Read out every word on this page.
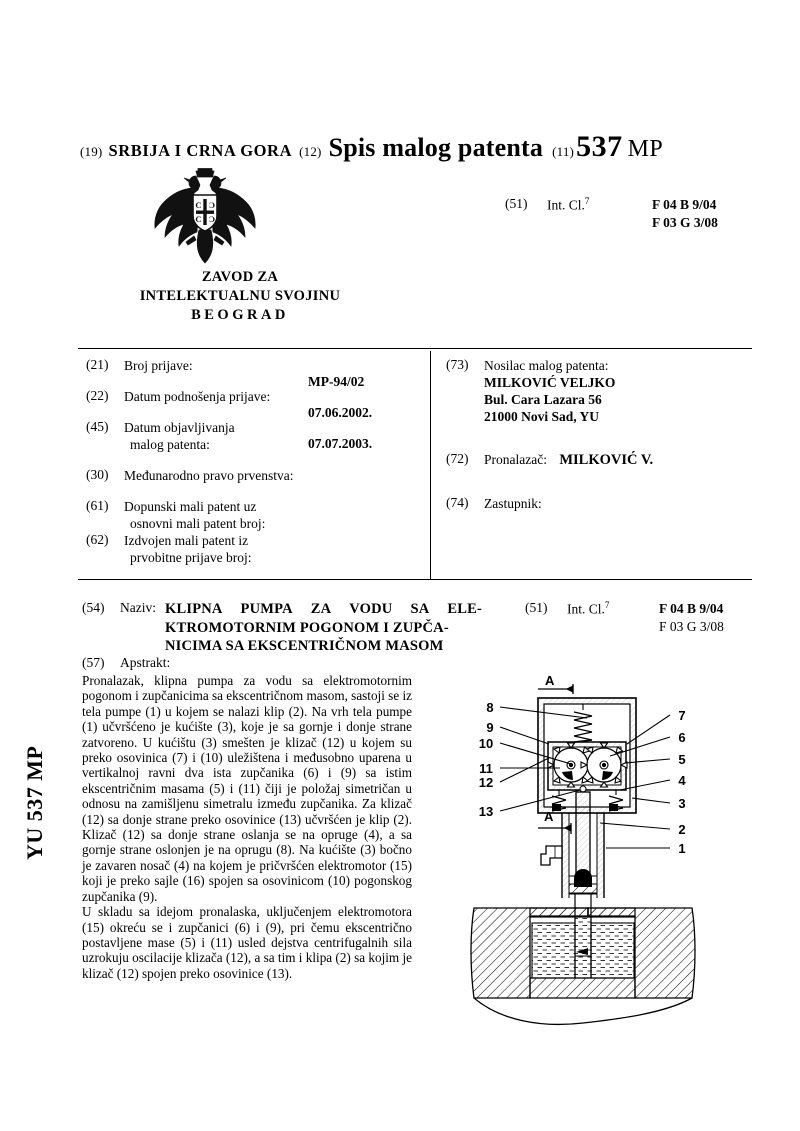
(19) SRBIJA I CRNA GORA (12) Spis malog patenta (11) 537 MP
C Ɔ
C Ɔ
ZAVOD ZA
INTELEKTUALNU SVOJINU
BEOGRAD
(51)	Int. Cl.$^7$	F 04 B 9/04
F 03 G 3/08
(21)	Broj prijave:
MP-94/02
(22)	Datum podnošenja prijave:
07.06.2002.
(45)	Datum objavljivanja
malog patenta:	07.07.2003.
(30)	Međunarodno pravo prvenstva:
(61)	Dopunski mali patent uz
osnovni mali patent broj:
(62)	Izdvojen mali patent iz
prvobitne prijave broj:
(73)	Nosilac malog patenta:
MILKOVIĆ VELJKO
Bul. Cara Lazara 56
21000 Novi Sad, YU
(72)	Pronalazač: MILKOVIĆ V.
(74)	Zastupnik:
(54) Naziv: KLIPNA PUMPA ZA VODU SA ELE-
KTROMOTORNIM POGONOM I ZUPČA-
NICIMA SA EKSCENTRIČNOM MASOM
(51)	Int. Cl.$^7$	F 04 B 9/04
F 03 G 3/08
(57) Apstrakt:

Pronalazak, klipna pumpa za vodu sa elektromotornim pogonom i zupčanicima sa ekscentričnom masom, sastoji se iz tela pumpe (1) u kojem se nalazi klip (2). Na vrh tela pumpe (1) učvršćeno je kućište (3), koje je sa gornje i donje strane zatvoreno. U kućištu (3) smešten je klizač (12) u kojem su preko osovinica (7) i (10) uležištena i međusobno uparena u vertikalnoj ravni dva ista zupčanika (6) i (9) sa istim ekscentričnim masama (5) i (11) čiji je položaj simetričan u odnosu na zamišljenu simetralu između zupčanika. Za klizač (12) sa donje strane preko osovinice (13) učvršćen je klip (2). Klizač (12) sa donje strane oslanja se na opruge (4), a sa gornje strane oslonjen je na oprugu (8). Na kućište (3) bočno je zavaren nosač (4) na kojem je pričvršćen elektromotor (15) koji je preko sajle (16) spojen sa osovinicom (10) pogonskog zupčanika (9).

U skladu sa idejom pronalaska, uključenjem elektromotora (15) okreću se i zupčanici (6) i (9), pri čemu ekscentrično postavljene mase (5) i (11) usled dejstva centrifugalnih sila uzrokuju oscilacije klizača (12), a sa tim i klipa (2) sa kojim je klizač (12) spojen preko osovinice (13).

YU 537 MP
A
A
8
9
10
11
12
13
7
6
5
4
3
2
1
